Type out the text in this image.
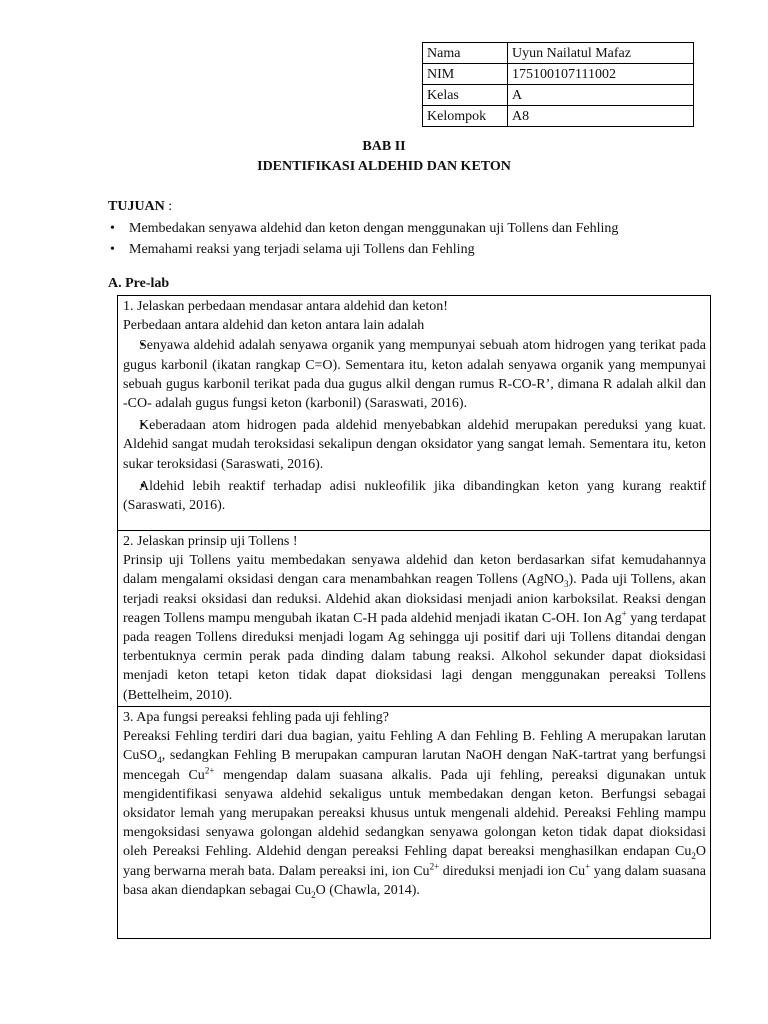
Nama	Uyun Nailatul Mafaz
NIM	175100107111002
Kelas	A
Kelompok	A8
BAB II
IDENTIFIKASI ALDEHID DAN KETON
TUJUAN :
• Membedakan senyawa aldehid dan keton dengan menggunakan uji Tollens dan Fehling
• Memahami reaksi yang terjadi selama uji Tollens dan Fehling
A. Pre-lab

1. Jelaskan perbedaan mendasar antara aldehid dan keton!

Perbedaan antara aldehid dan keton antara lain adalah

• Senyawa aldehid adalah senyawa organik yang mempunyai sebuah atom hidrogen yang terikat pada gugus karbonil (ikatan rangkap C=O). Sementara itu, keton adalah senyawa organik yang mempunyai sebuah gugus karbonil terikat pada dua gugus alkil dengan rumus R-CO-R’, dimana R adalah alkil dan -CO- adalah gugus fungsi keton (karbonil) (Saraswati, 2016).

• Keberadaan atom hidrogen pada aldehid menyebabkan aldehid merupakan pereduksi yang kuat. Aldehid sangat mudah teroksidasi sekalipun dengan oksidator yang sangat lemah. Sementara itu, keton sukar teroksidasi (Saraswati, 2016).

• Aldehid lebih reaktif terhadap adisi nukleofilik jika dibandingkan keton yang kurang reaktif (Saraswati, 2016).

2. Jelaskan prinsip uji Tollens !

Prinsip uji Tollens yaitu membedakan senyawa aldehid dan keton berdasarkan sifat kemudahannya dalam mengalami oksidasi dengan cara menambahkan reagen Tollens (AgNO$_3$). Pada uji Tollens, akan terjadi reaksi oksidasi dan reduksi. Aldehid akan dioksidasi menjadi anion karboksilat. Reaksi dengan reagen Tollens mampu mengubah ikatan C-H pada aldehid menjadi ikatan C-OH. Ion Ag+ yang terdapat pada reagen Tollens direduksi menjadi logam Ag sehingga uji positif dari uji Tollens ditandai dengan terbentuknya cermin perak pada dinding dalam tabung reaksi. Alkohol sekunder dapat dioksidasi menjadi keton tetapi keton tidak dapat dioksidasi lagi dengan menggunakan pereaksi Tollens (Bettelheim, 2010).

3. Apa fungsi pereaksi fehling pada uji fehling?

Pereaksi Fehling terdiri dari dua bagian, yaitu Fehling A dan Fehling B. Fehling A merupakan larutan CuSO$_4$, sedangkan Fehling B merupakan campuran larutan NaOH dengan NaK-tartrat yang berfungsi mencegah $Cu^{2+}$ mengendap dalam suasana alkalis. Pada uji fehling, pereaksi digunakan untuk mengidentifikasi senyawa aldehid sekaligus untuk membedakan dengan keton. Berfungsi sebagai oksidator lemah yang merupakan pereaksi khusus untuk mengenali aldehid. Pereaksi Fehling mampu mengoksidasi senyawa golongan aldehid sedangkan senyawa golongan keton tidak dapat dioksidasi oleh Pereaksi Fehling. Aldehid dengan pereaksi Fehling dapat bereaksi menghasilkan endapan $Cu_2O$ yang berwarna merah bata. Dalam pereaksi ini, ion $Cu^{2+}$ direduksi menjadi ion Cu+ yang dalam suasana basa akan diendapkan sebagai $Cu_2O$ (Chawla, 2014).
